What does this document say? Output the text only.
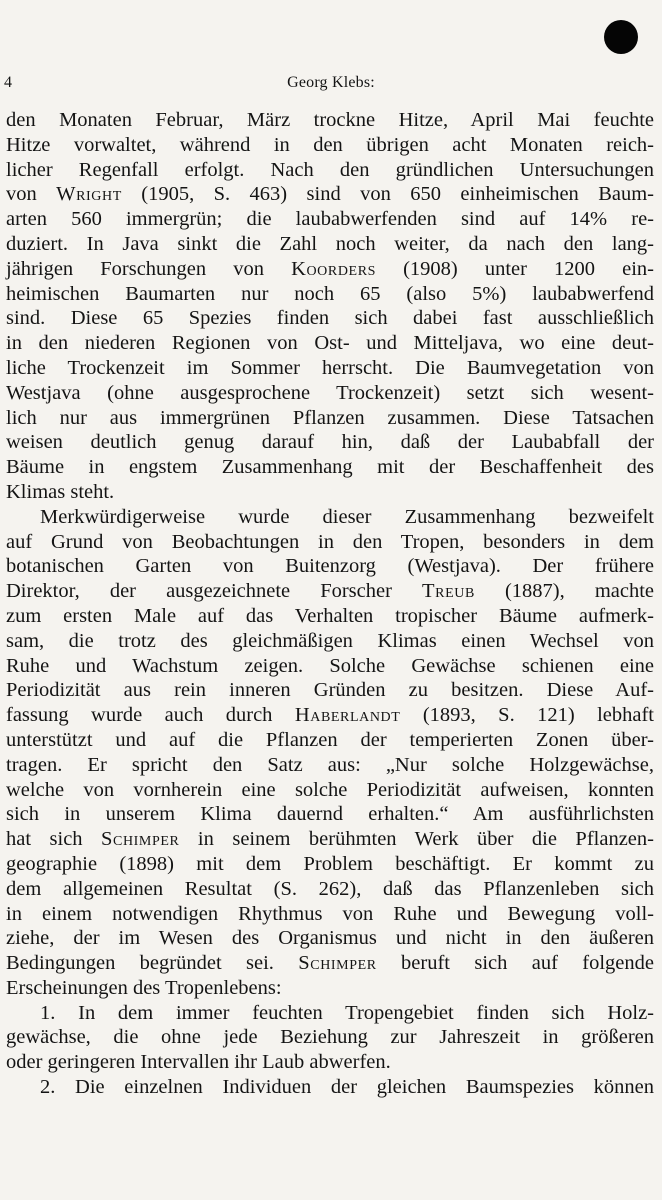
4	Georg Klebs:

den Monaten Februar, März trockne Hitze, April Mai feuchte
Hitze vorwaltet, während in den übrigen acht Monaten reich-
licher Regenfall erfolgt. Nach den gründlichen Untersuchungen
von Wright (1905, S. 463) sind von 650 einheimischen Baum-
arten 560 immergrün; die laubabwerfenden sind auf 14% re-
duziert. In Java sinkt die Zahl noch weiter, da nach den lang-
jährigen Forschungen von Koorders (1908) unter 1200 ein-
heimischen Baumarten nur noch 65 (also 5%) laubabwerfend
sind. Diese 65 Spezies finden sich dabei fast ausschließlich
in den niederen Regionen von Ost- und Mitteljava, wo eine deut-
liche Trockenzeit im Sommer herrscht. Die Baumvegetation von
Westjava (ohne ausgesprochene Trockenzeit) setzt sich wesent-
lich nur aus immergrünen Pflanzen zusammen. Diese Tatsachen
weisen deutlich genug darauf hin, daß der Laubabfall der
Bäume in engstem Zusammenhang mit der Beschaffenheit des
Klimas steht.

Merkwürdigerweise wurde dieser Zusammenhang bezweifelt
auf Grund von Beobachtungen in den Tropen, besonders in dem
botanischen Garten von Buitenzorg (Westjava). Der frühere
Direktor, der ausgezeichnete Forscher Treub (1887), machte
zum ersten Male auf das Verhalten tropischer Bäume aufmerk-
sam, die trotz des gleichmäßigen Klimas einen Wechsel von
Ruhe und Wachstum zeigen. Solche Gewächse schienen eine
Periodizität aus rein inneren Gründen zu besitzen. Diese Auf-
fassung wurde auch durch Haberlandt (1893, S. 121) lebhaft
unterstützt und auf die Pflanzen der temperierten Zonen über-
tragen. Er spricht den Satz aus: „Nur solche Holzgewächse,
welche von vornherein eine solche Periodizität aufweisen, konnten
sich in unserem Klima dauernd erhalten.“ Am ausführlichsten
hat sich Schimper in seinem berühmten Werk über die Pflanzen-
geographie (1898) mit dem Problem beschäftigt. Er kommt zu
dem allgemeinen Resultat (S. 262), daß das Pflanzenleben sich
in einem notwendigen Rhythmus von Ruhe und Bewegung voll-
ziehe, der im Wesen des Organismus und nicht in den äußeren
Bedingungen begründet sei. Schimper beruft sich auf folgende
Erscheinungen des Tropenlebens:

1. In dem immer feuchten Tropengebiet finden sich Holz-
gewächse, die ohne jede Beziehung zur Jahreszeit in größeren
oder geringeren Intervallen ihr Laub abwerfen.

2. Die einzelnen Individuen der gleichen Baumspezies können
